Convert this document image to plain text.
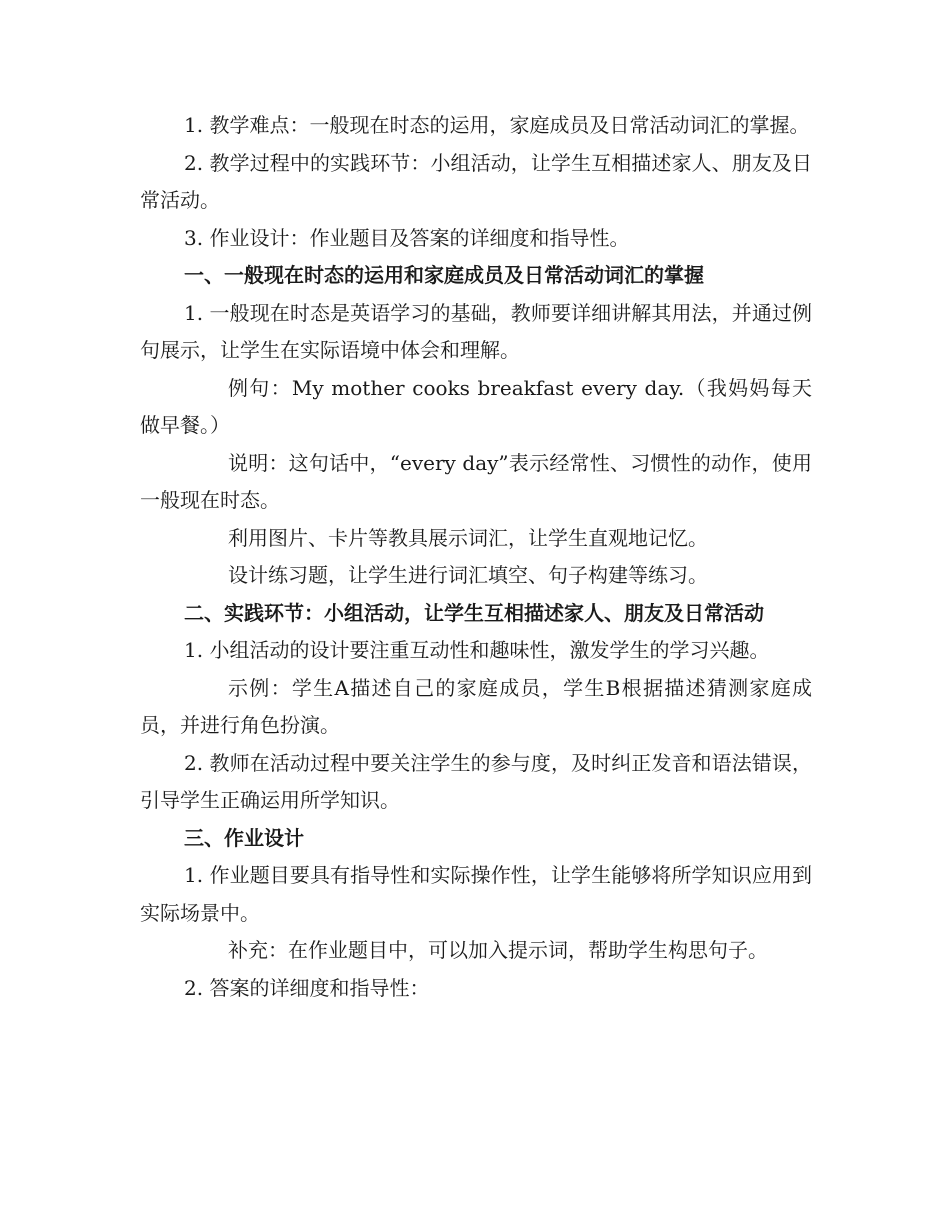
1. 教学难点：一般现在时态的运用，家庭成员及日常活动词汇的掌握。

2. 教学过程中的实践环节：小组活动，让学生互相描述家人、朋友及日常活动。

3. 作业设计：作业题目及答案的详细度和指导性。

一、一般现在时态的运用和家庭成员及日常活动词汇的掌握

1. 一般现在时态是英语学习的基础，教师要详细讲解其用法，并通过例句展示，让学生在实际语境中体会和理解。

例句：My mother cooks breakfast every day.（我妈妈每天做早餐。）

说明：这句话中，“every day”表示经常性、习惯性的动作，使用一般现在时态。

利用图片、卡片等教具展示词汇，让学生直观地记忆。

设计练习题，让学生进行词汇填空、句子构建等练习。

二、实践环节：小组活动，让学生互相描述家人、朋友及日常活动

1. 小组活动的设计要注重互动性和趣味性，激发学生的学习兴趣。

示例：学生A描述自己的家庭成员，学生B根据描述猜测家庭成员，并进行角色扮演。

2. 教师在活动过程中要关注学生的参与度，及时纠正发音和语法错误，引导学生正确运用所学知识。

三、作业设计

1. 作业题目要具有指导性和实际操作性，让学生能够将所学知识应用到实际场景中。

补充：在作业题目中，可以加入提示词，帮助学生构思句子。

2. 答案的详细度和指导性：
